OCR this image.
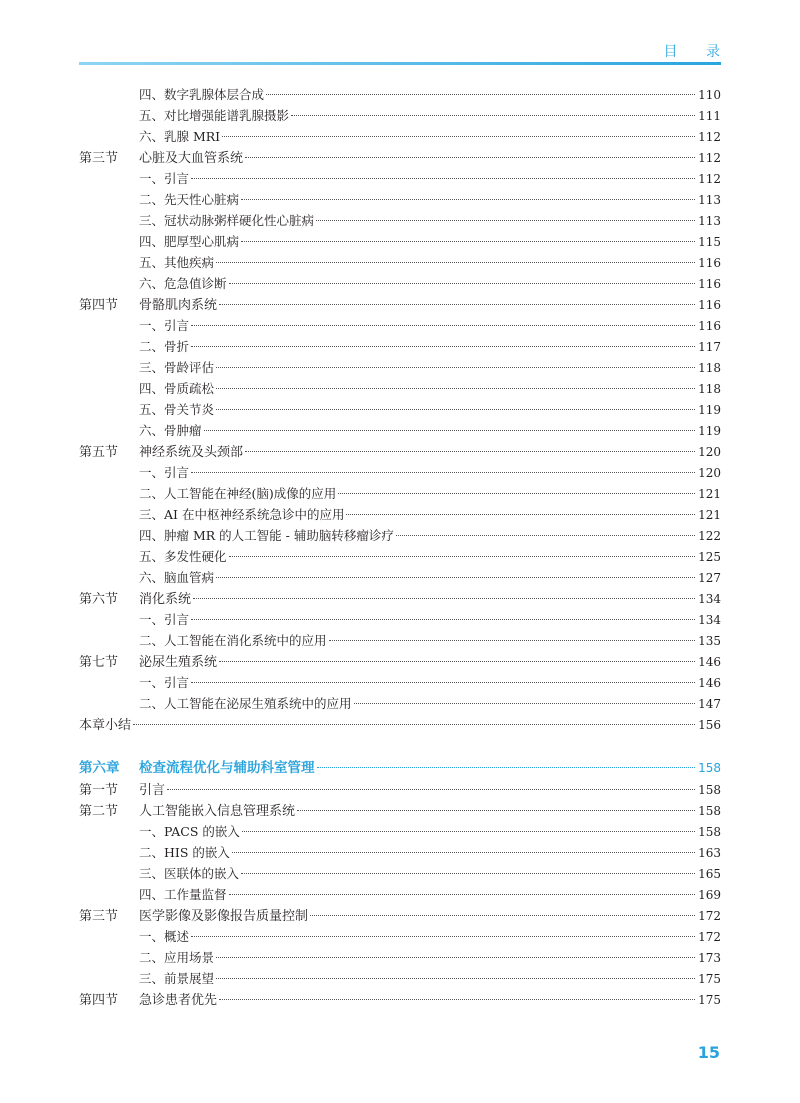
目 录
四、数字乳腺体层合成	110
五、对比增强能谱乳腺摄影	111
六、乳腺 MRI	112
第三节 心脏及大血管系统	112
一、引言	112
二、先天性心脏病	113
三、冠状动脉粥样硬化性心脏病	113
四、肥厚型心肌病	115
五、其他疾病	116
六、危急值诊断	116
第四节 骨骼肌肉系统	116
一、引言	116
二、骨折	117
三、骨龄评估	118
四、骨质疏松	118
五、骨关节炎	119
六、骨肿瘤	119
第五节 神经系统及头颈部	120
一、引言	120
二、人工智能在神经(脑)成像的应用	121
三、AI 在中枢神经系统急诊中的应用	121
四、肿瘤 MR 的人工智能 - 辅助脑转移瘤诊疗	122
五、多发性硬化	125
六、脑血管病	127
第六节 消化系统	134
一、引言	134
二、人工智能在消化系统中的应用	135
第七节 泌尿生殖系统	146
一、引言	146
二、人工智能在泌尿生殖系统中的应用	147
本章小结	156
第六章 检查流程优化与辅助科室管理	158
第一节 引言	158
第二节 人工智能嵌入信息管理系统	158
一、PACS 的嵌入	158
二、HIS 的嵌入	163
三、医联体的嵌入	165
四、工作量监督	169
第三节 医学影像及影像报告质量控制	172
一、概述	172
二、应用场景	173
三、前景展望	175
第四节 急诊患者优先	175
15
